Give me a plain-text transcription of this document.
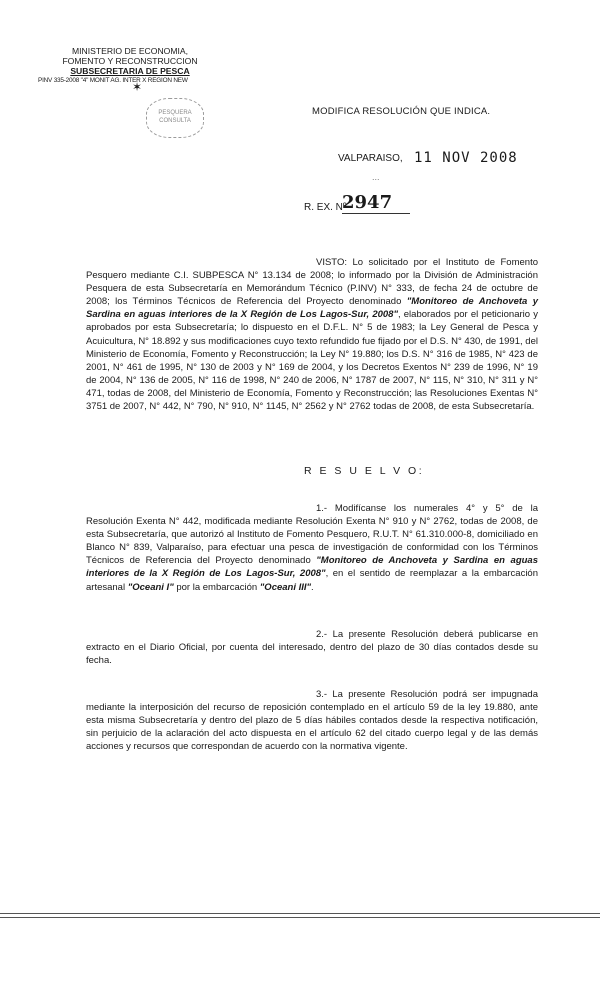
MINISTERIO DE ECONOMIA,
FOMENTO Y RECONSTRUCCION
SUBSECRETARIA DE PESCA
PINV 335-2008 "4" MONIT AG. INTER X REGION NEW
✶
PESQUERA
CONSULTA
MODIFICA RESOLUCIÓN QUE INDICA.
VALPARAISO, 11 NOV 2008
...
R. EX. Nº
2947
VISTO: Lo solicitado por el Instituto de Fomento Pesquero mediante C.I. SUBPESCA N° 13.134 de 2008; lo informado por la División de Administración Pesquera de esta Subsecretaría en Memorándum Técnico (P.INV) N° 333, de fecha 24 de octubre de 2008; los Términos Técnicos de Referencia del Proyecto denominado "Monitoreo de Anchoveta y Sardina en aguas interiores de la X Región de Los Lagos-Sur, 2008", elaborados por el peticionario y aprobados por esta Subsecretaría; lo dispuesto en el D.F.L. N° 5 de 1983; la Ley General de Pesca y Acuicultura, N° 18.892 y sus modificaciones cuyo texto refundido fue fijado por el D.S. N° 430, de 1991, del Ministerio de Economía, Fomento y Reconstrucción; la Ley N° 19.880; los D.S. N° 316 de 1985, N° 423 de 2001, N° 461 de 1995, N° 130 de 2003 y N° 169 de 2004, y los Decretos Exentos N° 239 de 1996, N° 19 de 2004, N° 136 de 2005, N° 116 de 1998, N° 240 de 2006, N° 1787 de 2007, N° 115, N° 310, N° 311 y N° 471, todas de 2008, del Ministerio de Economía, Fomento y Reconstrucción; las Resoluciones Exentas N° 3751 de 2007, N° 442, N° 790, N° 910, N° 1145, N° 2562 y N° 2762 todas de 2008, de esta Subsecretaría.
R E S U E L V O:
1.- Modifícanse los numerales 4° y 5° de la Resolución Exenta N° 442, modificada mediante Resolución Exenta N° 910 y N° 2762, todas de 2008, de esta Subsecretaría, que autorizó al Instituto de Fomento Pesquero, R.U.T. N° 61.310.000-8, domiciliado en Blanco N° 839, Valparaíso, para efectuar una pesca de investigación de conformidad con los Términos Técnicos de Referencia del Proyecto denominado "Monitoreo de Anchoveta y Sardina en aguas interiores de la X Región de Los Lagos-Sur, 2008", en el sentido de reemplazar a la embarcación artesanal "Oceani I" por la embarcación "Oceani III".
2.- La presente Resolución deberá publicarse en extracto en el Diario Oficial, por cuenta del interesado, dentro del plazo de 30 días contados desde su fecha.
3.- La presente Resolución podrá ser impugnada mediante la interposición del recurso de reposición contemplado en el artículo 59 de la ley 19.880, ante esta misma Subsecretaría y dentro del plazo de 5 días hábiles contados desde la respectiva notificación, sin perjuicio de la aclaración del acto dispuesta en el artículo 62 del citado cuerpo legal y de las demás acciones y recursos que correspondan de acuerdo con la normativa vigente.
